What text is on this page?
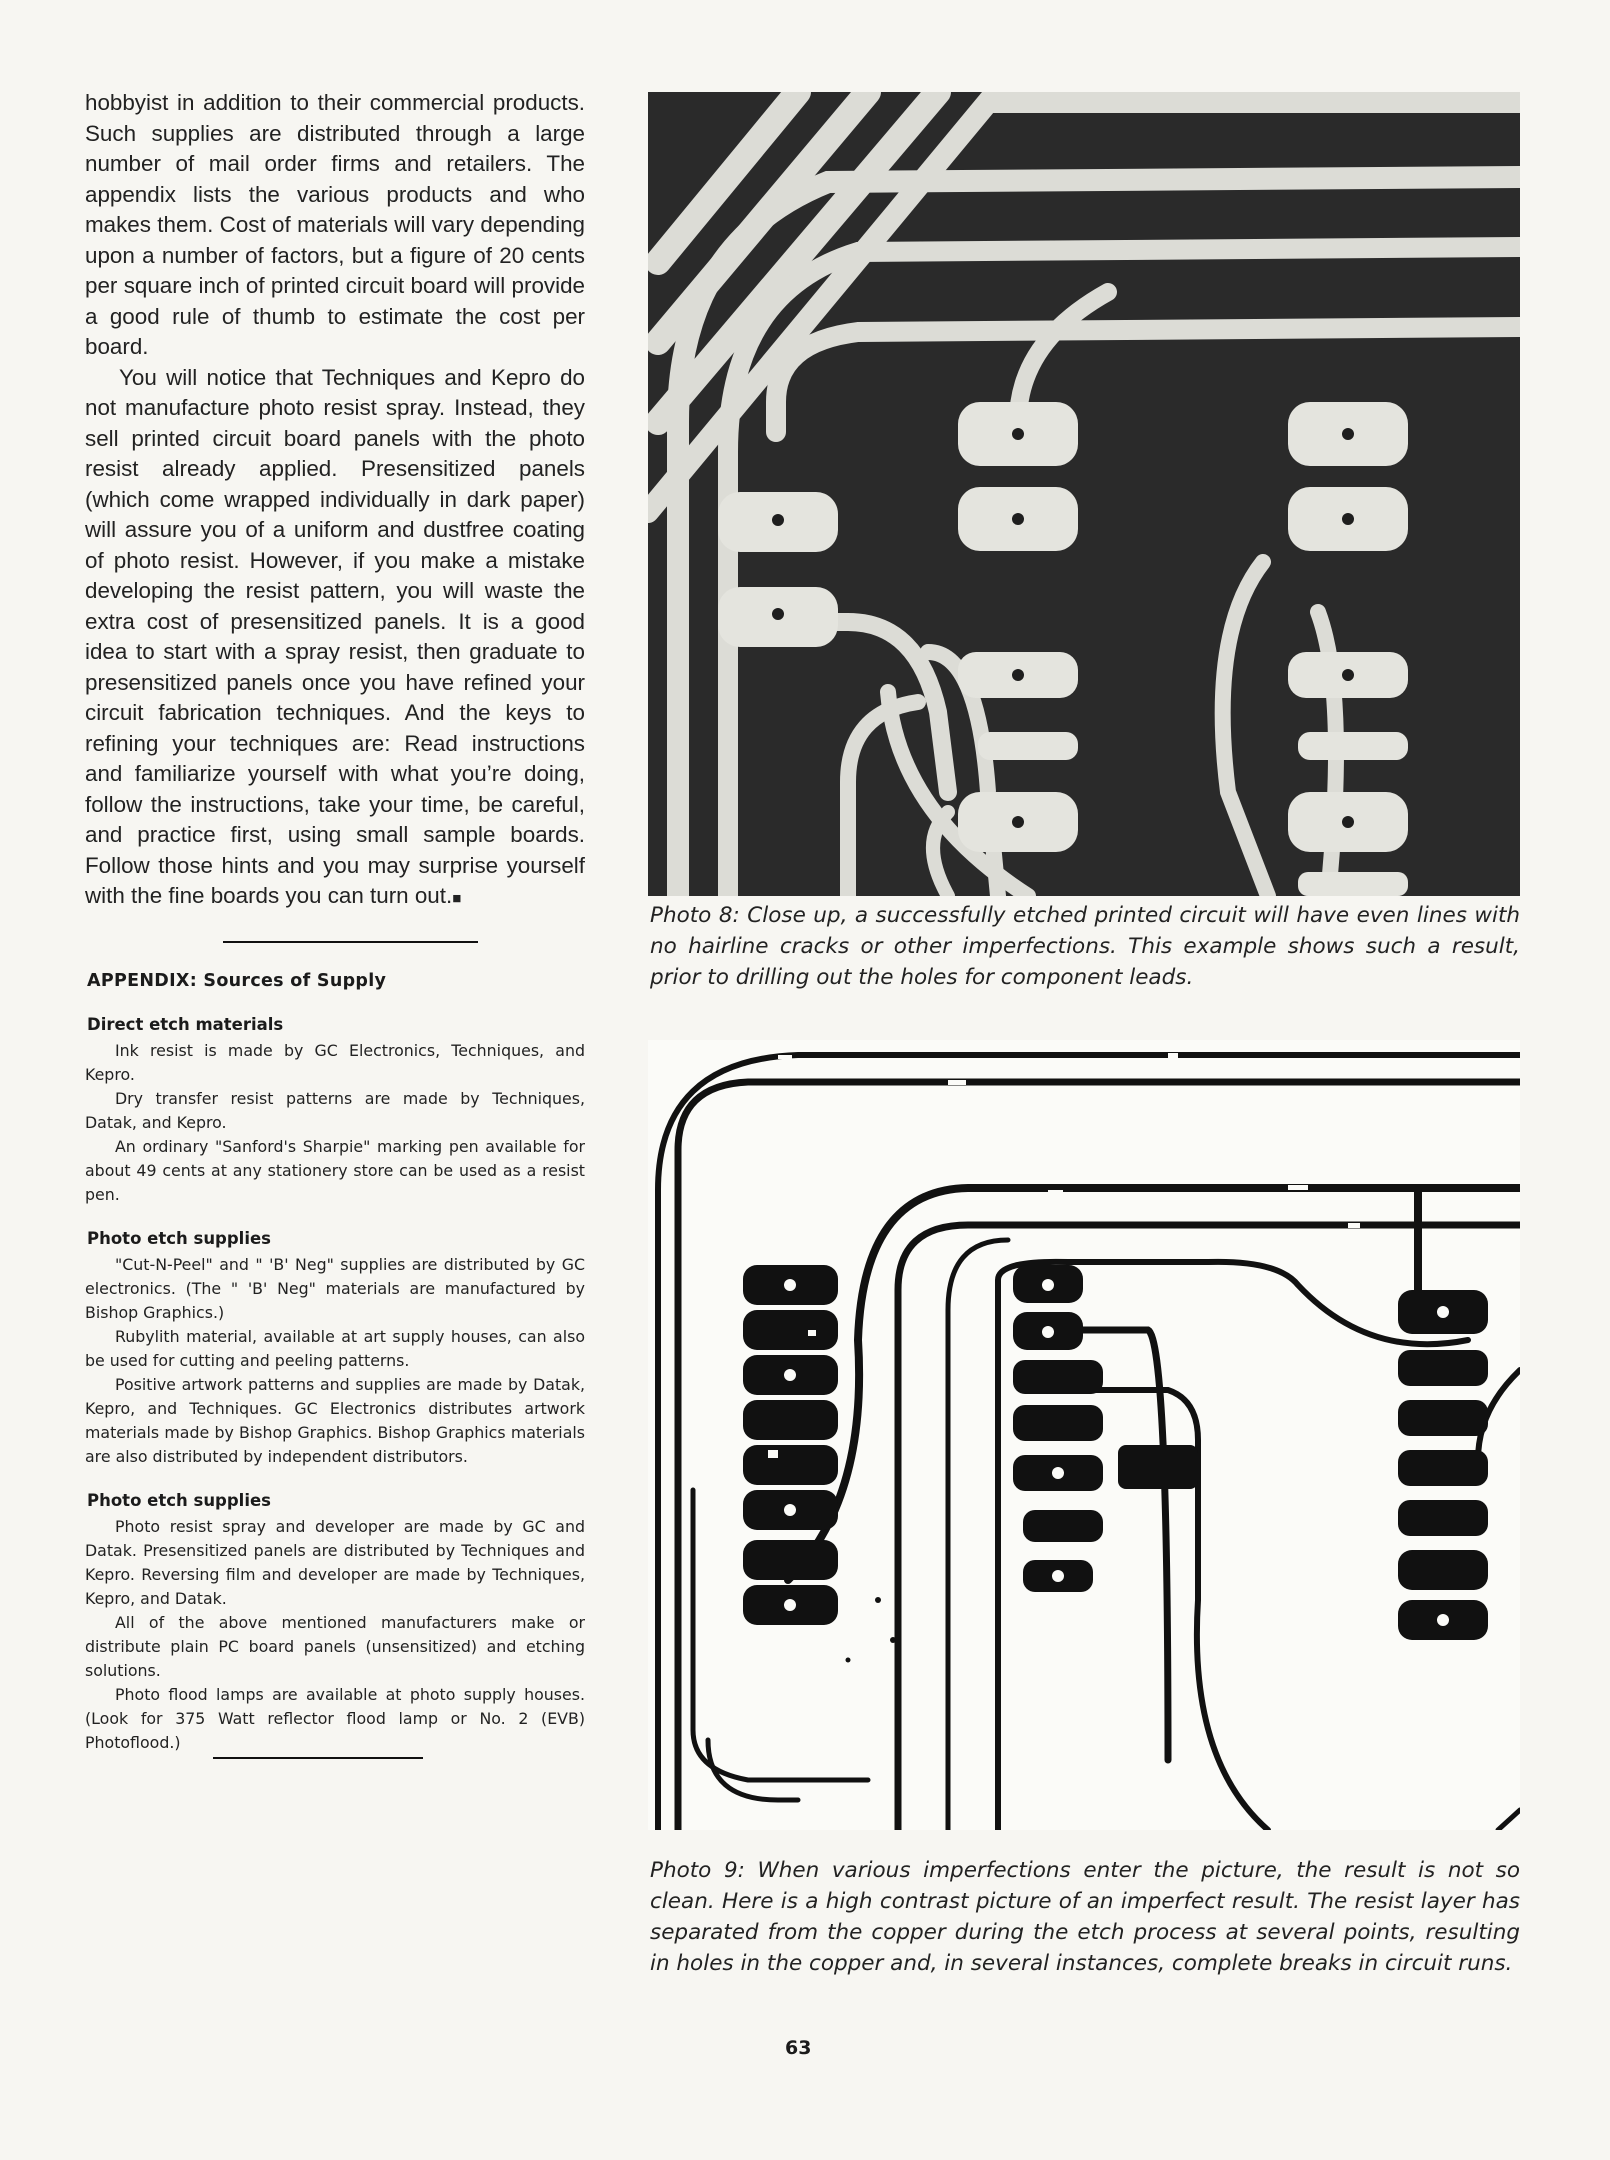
hobbyist in addition to their commercial products. Such supplies are distributed through a large number of mail order firms and retailers. The appendix lists the various products and who makes them. Cost of materials will vary depending upon a number of factors, but a figure of 20 cents per square inch of printed circuit board will provide a good rule of thumb to estimate the cost per board.

You will notice that Techniques and Kepro do not manufacture photo resist spray. Instead, they sell printed circuit board panels with the photo resist already applied. Presensitized panels (which come wrapped individually in dark paper) will assure you of a uniform and dustfree coating of photo resist. However, if you make a mistake developing the resist pattern, you will waste the extra cost of presensitized panels. It is a good idea to start with a spray resist, then graduate to presensitized panels once you have refined your circuit fabrication techniques. And the keys to refining your techniques are: Read instructions and familiarize yourself with what you’re doing, follow the instructions, take your time, be careful, and practice first, using small sample boards. Follow those hints and you may surprise yourself with the fine boards you can turn out.■

APPENDIX: Sources of Supply
Direct etch materials

Ink resist is made by GC Electronics, Techniques, and Kepro.

Dry transfer resist patterns are made by Techniques, Datak, and Kepro.

An ordinary "Sanford's Sharpie" marking pen available for about 49 cents at any stationery store can be used as a resist pen.

Photo etch supplies

"Cut-N-Peel" and " 'B' Neg" supplies are distributed by GC electronics. (The " 'B' Neg" materials are manufactured by Bishop Graphics.)

Rubylith material, available at art supply houses, can also be used for cutting and peeling patterns.

Positive artwork patterns and supplies are made by Datak, Kepro, and Techniques. GC Electronics distributes artwork materials made by Bishop Graphics. Bishop Graphics materials are also distributed by independent distributors.

Photo etch supplies

Photo resist spray and developer are made by GC and Datak. Presensitized panels are distributed by Techniques and Kepro. Reversing film and developer are made by Techniques, Kepro, and Datak.

All of the above mentioned manufacturers make or distribute plain PC board panels (unsensitized) and etching solutions.

Photo flood lamps are available at photo supply houses. (Look for 375 Watt reflector flood lamp or No. 2 (EVB) Photoflood.)

Photo 8: Close up, a successfully etched printed circuit will have even lines with no hairline cracks or other imperfections. This example shows such a result, prior to drilling out the holes for component leads.

Photo 9: When various imperfections enter the picture, the result is not so clean. Here is a high contrast picture of an imperfect result. The resist layer has separated from the copper during the etch process at several points, resulting in holes in the copper and, in several instances, complete breaks in circuit runs.

63
